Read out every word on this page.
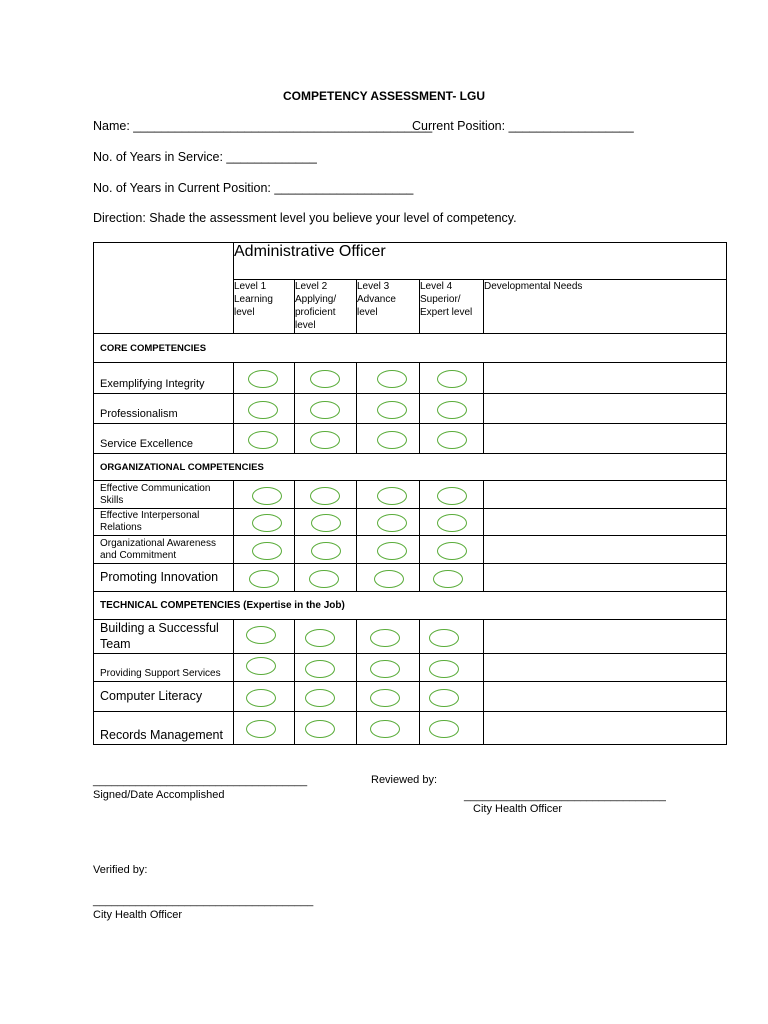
COMPETENCY ASSESSMENT- LGU
Name: ___________________________________________
Current Position: __________________
No. of Years in Service: _____________
No. of Years in Current Position: ____________________
Direction: Shade the assessment level you believe your level of competency.
	Administrative Officer				
	Level 1 Learning level	Level 2 Applying/ proficient level	Level 3 Advance level	Level 4 Superior/ Expert level	Developmental Needs
CORE COMPETENCIES					
Exemplifying Integrity	

Professionalism	

Service Excellence	

ORGANIZATIONAL COMPETENCIES					
Effective Communication Skills	

Effective Interpersonal Relations	

Organizational Awareness and Commitment	

Promoting Innovation	

TECHNICAL COMPETENCIES (Expertise in the Job)					
Building a Successful Team	

Providing Support Services	

Computer Literacy	

Records Management	

___________________________________
Signed/Date Accomplished
Reviewed by:
_________________________________
City Health Officer
Verified by:
____________________________________
City Health Officer
